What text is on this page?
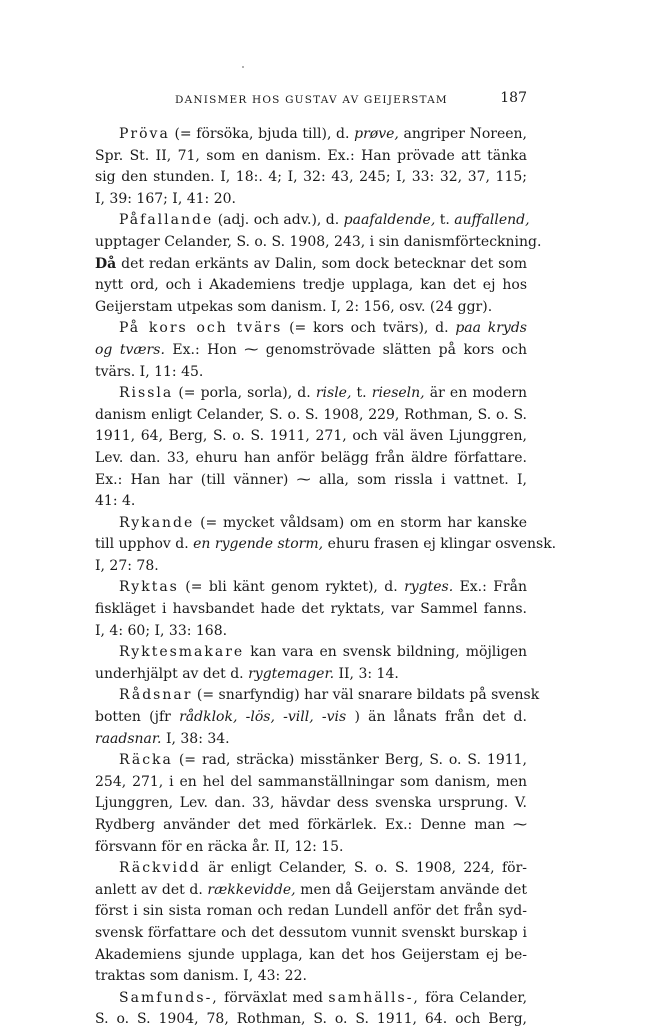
DANISMER HOS GUSTAV AV GEIJERSTAM	187
Pröva (= försöka, bjuda till), d. prøve, angriper Noreen,
Spr. St. II, 71, som en danism. Ex.: Han prövade att tänka
sig den stunden. I, 18:. 4; I, 32: 43, 245; I, 33: 32, 37, 115;
I, 39: 167; I, 41: 20.
Påfallande (adj. och adv.), d. paafaldende, t. auffallend,
upptager Celander, S. o. S. 1908, 243, i sin danismförteckning.
Då det redan erkänts av Dalin, som dock betecknar det som
nytt ord, och i Akademiens tredje upplaga, kan det ej hos
Geijerstam utpekas som danism. I, 2: 156, osv. (24 ggr).
På kors och tvärs (= kors och tvärs), d. paa kryds
og tværs. Ex.: Hon ⁓ genomströvade slätten på kors och
tvärs. I, 11: 45.
Rissla (= porla, sorla), d. risle, t. rieseln, är en modern
danism enligt Celander, S. o. S. 1908, 229, Rothman, S. o. S.
1911, 64, Berg, S. o. S. 1911, 271, och väl även Ljunggren,
Lev. dan. 33, ehuru han anför belägg från äldre författare.
Ex.: Han har (till vänner) ⁓ alla, som rissla i vattnet. I,
41: 4.
Rykande (= mycket våldsam) om en storm har kanske
till upphov d. en rygende storm, ehuru frasen ej klingar osvensk.
I, 27: 78.
Ryktas (= bli känt genom ryktet), d. rygtes. Ex.: Från
fiskläget i havsbandet hade det ryktats, var Sammel fanns.
I, 4: 60; I, 33: 168.
Ryktesmakare kan vara en svensk bildning, möjligen
underhjälpt av det d. rygtemager. II, 3: 14.
Rådsnar (= snarfyndig) har väl snarare bildats på svensk
botten (jfr rådklok, -lös, -vill, -vis ) än lånats från det d.
raadsnar. I, 38: 34.
Räcka (= rad, sträcka) misstänker Berg, S. o. S. 1911,
254, 271, i en hel del sammanställningar som danism, men
Ljunggren, Lev. dan. 33, hävdar dess svenska ursprung. V.
Rydberg använder det med förkärlek. Ex.: Denne man ⁓
försvann för en räcka år. II, 12: 15.
Räckvidd är enligt Celander, S. o. S. 1908, 224, för-
anlett av det d. rækkevidde, men då Geijerstam använde det
först i sin sista roman och redan Lundell anför det från syd-
svensk författare och det dessutom vunnit svenskt burskap i
Akademiens sjunde upplaga, kan det hos Geijerstam ej be-
traktas som danism. I, 43: 22.
Samfunds-, förväxlat med samhälls-, föra Celander,
S. o. S. 1904, 78, Rothman, S. o. S. 1911, 64. och Berg,
